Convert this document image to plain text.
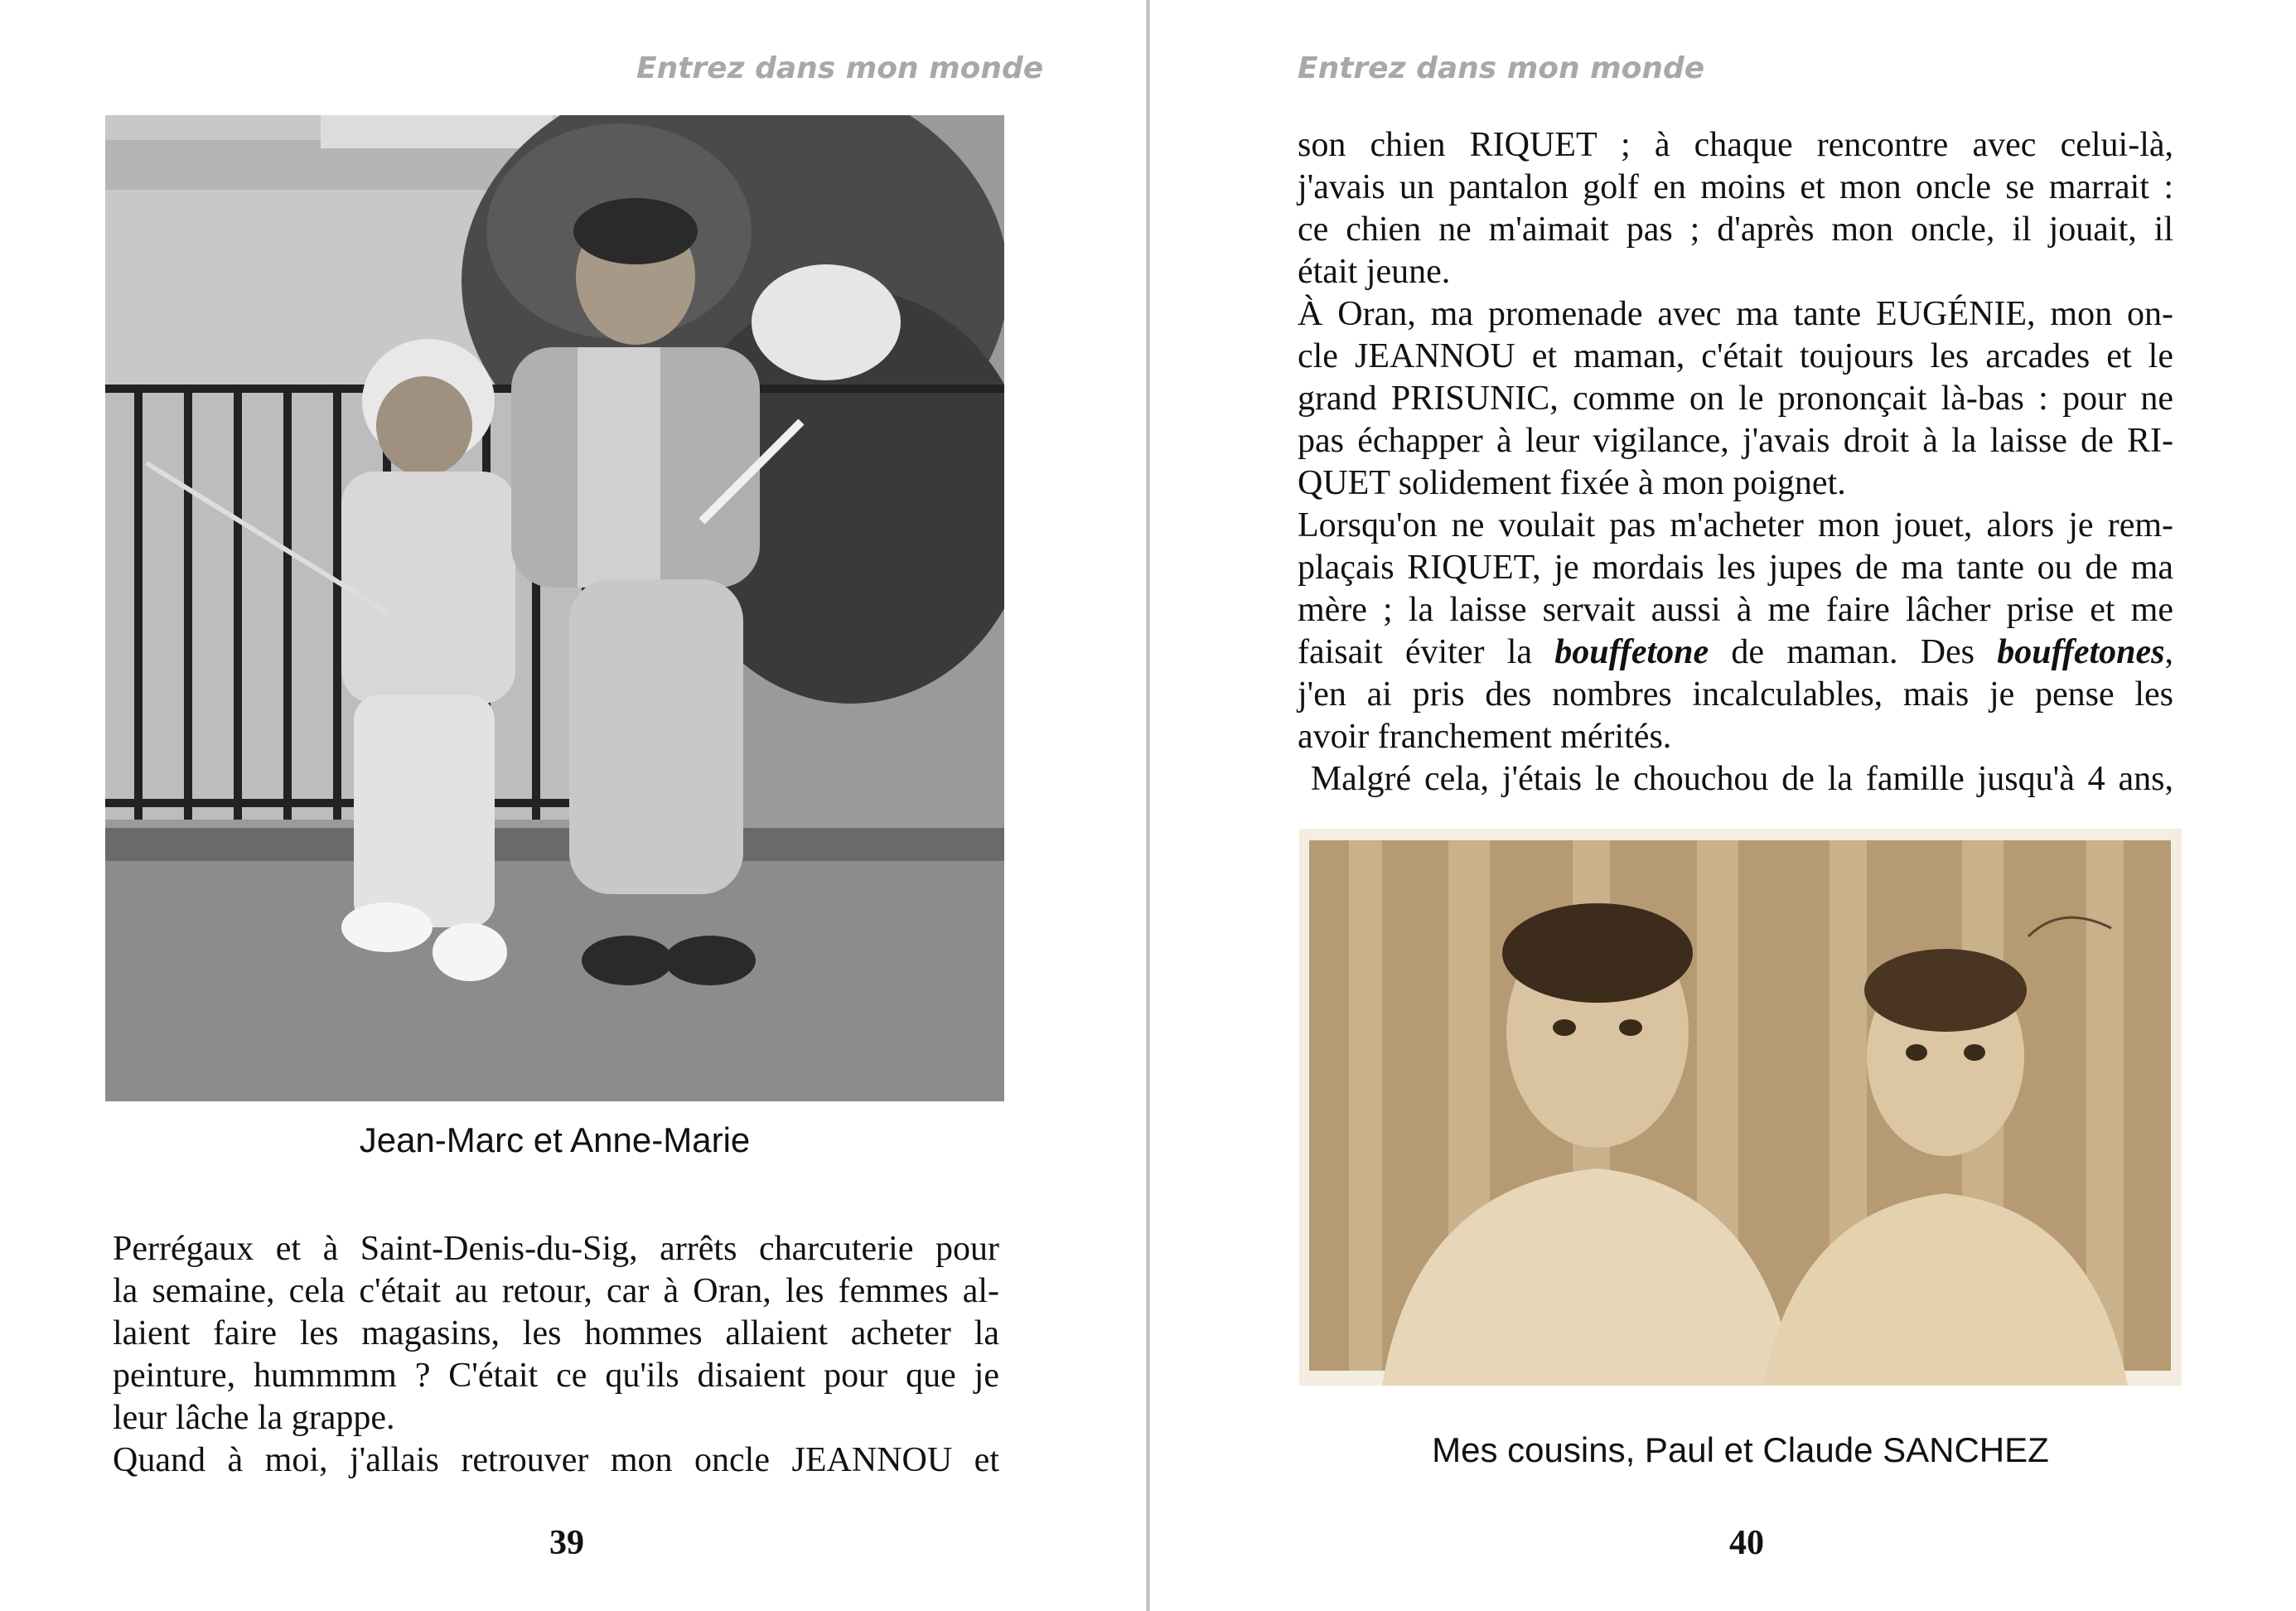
Entrez dans mon monde
Jean-Marc et Anne-Marie
Perrégaux et à Saint-Denis-du-Sig, arrêts charcuterie pour
la semaine, cela c'était au retour, car à Oran, les femmes al-
laient faire les magasins, les hommes allaient acheter la
peinture, hummmm ? C'était ce qu'ils disaient pour que je
leur lâche la grappe.
Quand à moi, j'allais retrouver mon oncle JEANNOU et
39
Entrez dans mon monde
son chien RIQUET ; à chaque rencontre avec celui-là,
j'avais un pantalon golf en moins et mon oncle se marrait :
ce chien ne m'aimait pas ; d'après mon oncle, il jouait, il
était jeune.
À Oran, ma promenade avec ma tante EUGÉNIE, mon on-
cle JEANNOU et maman, c'était toujours les arcades et le
grand PRISUNIC, comme on le prononçait là-bas : pour ne
pas échapper à leur vigilance, j'avais droit à la laisse de RI-
QUET solidement fixée à mon poignet.
Lorsqu'on ne voulait pas m'acheter mon jouet, alors je rem-
plaçais RIQUET, je mordais les jupes de ma tante ou de ma
mère ; la laisse servait aussi à me faire lâcher prise et me
faisait éviter la bouffetone de maman. Des bouffetones,
j'en ai pris des nombres incalculables, mais je pense les
avoir franchement mérités.
Malgré cela, j'étais le chouchou de la famille jusqu'à 4 ans,
Mes cousins, Paul et Claude SANCHEZ
40
